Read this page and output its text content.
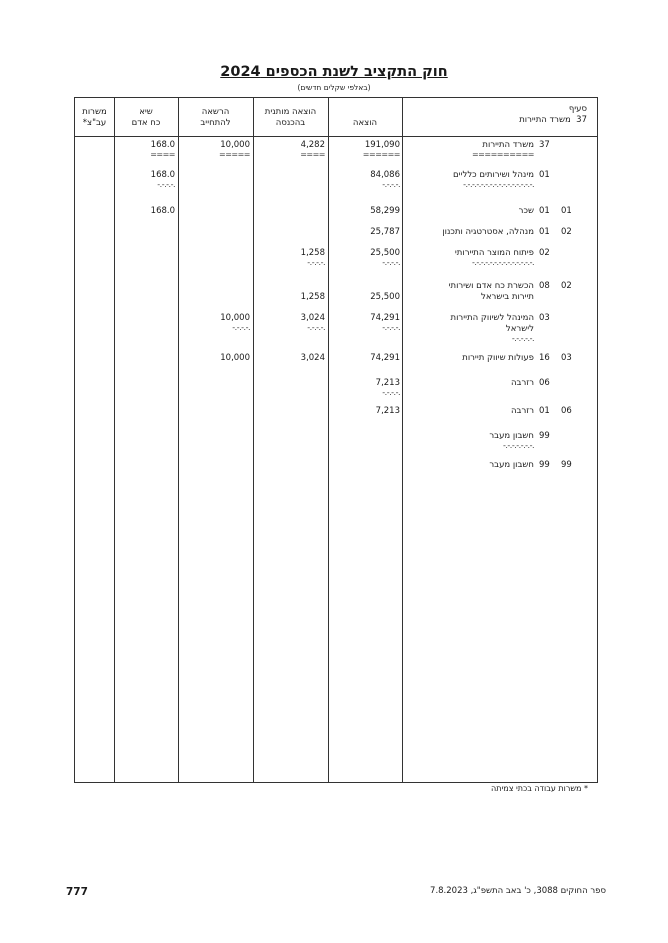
חוק התקציב לשנת הכספים 2024
(באלפי שקלים חדשים)
משרות
עב"צ*
שיא
כח אדם
הרשאה
להתחייב
הוצאה מותנית
בהכנסה	הוצאה
סעיף
37  משרד התיירות
37
משרד התיירות
==========
191,090
======
4,282
====
10,000
=====
168.0
====
01
מינהל ושירותים כלליים
-.-.-.-.-.-.-.-.-.-.-.-.-.-.-.-.
84,086
-.-.-.-.
168.0
-.-.-.-.
01 01
שכר
58,299
168.0
01 02
מנהלה, אסטרטגיה ותכנון
25,787
02
פיתוח המוצר התיירותי
-.-.-.-.-.-.-.-.-.-.-.-.-.-.
25,500
-.-.-.-.
1,258
-.-.-.-.
08 02
הכשרת כח אדם ושירותי
תיירות בישראל
25,500
1,258
03
המינהל לשיווק התיירות
לישראל
-.-.-.-.-.
74,291
-.-.-.-.
3,024
-.-.-.-.
10,000
-.-.-.-.
16 03
פעולות שיווק תיירות
74,291
3,024
10,000
06
רזרבה
7,213
-.-.-.-.
01 06
רזרבה
7,213
99
חשבון מעבר
-.-.-.-.-.-.-.
99 99
חשבון מעבר
* משרות עבודה בכתי צמיתה
777	ספר החוקים 3088, כ' באב התשפ"ג, 7.8.2023
